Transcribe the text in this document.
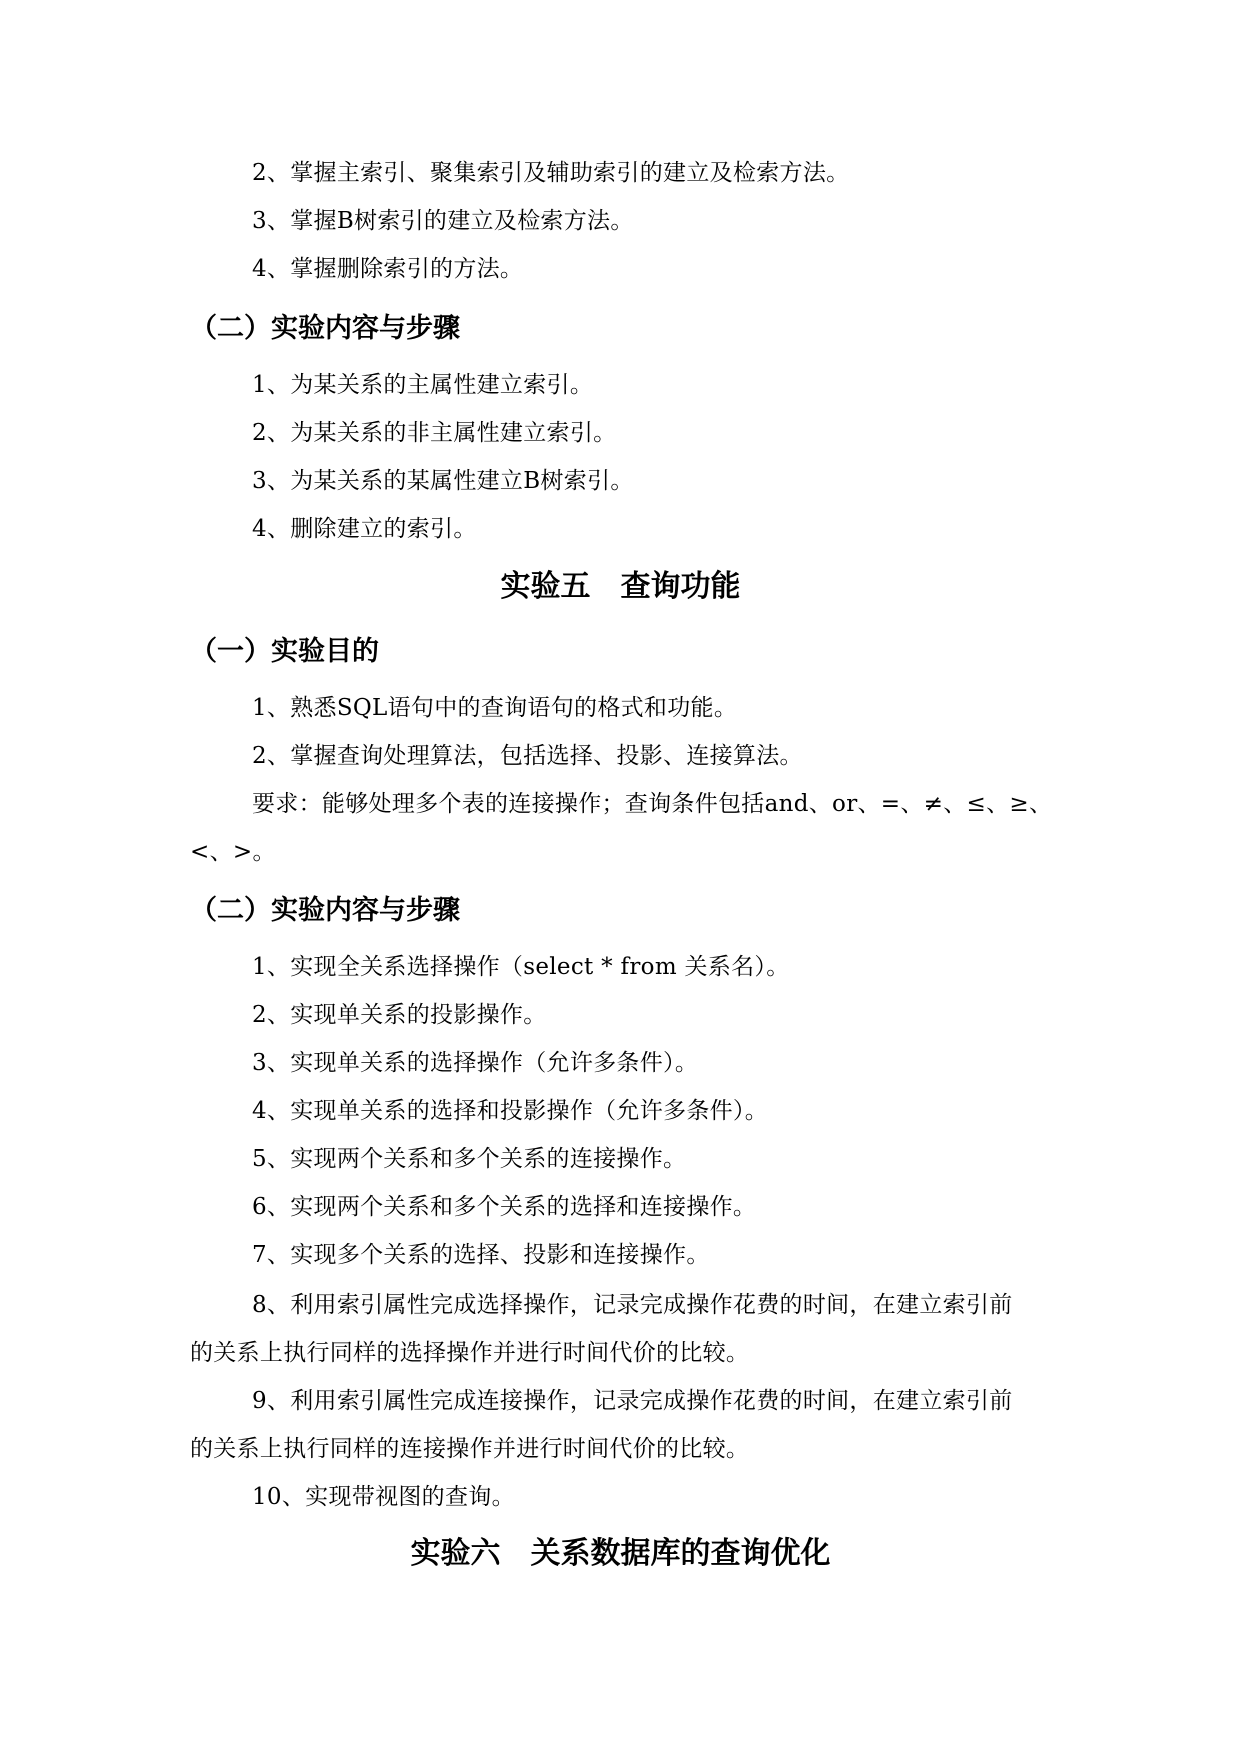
2、掌握主索引、聚集索引及辅助索引的建立及检索方法。
3、掌握B树索引的建立及检索方法。
4、掌握删除索引的方法。
（二）实验内容与步骤
1、为某关系的主属性建立索引。
2、为某关系的非主属性建立索引。
3、为某关系的某属性建立B树索引。
4、删除建立的索引。
实验五　查询功能
（一）实验目的
1、熟悉SQL语句中的查询语句的格式和功能。
2、掌握查询处理算法，包括选择、投影、连接算法。
要求：能够处理多个表的连接操作；查询条件包括and、or、=、≠、≤、≥、
<、>。
（二）实验内容与步骤
1、实现全关系选择操作（select * from 关系名）。
2、实现单关系的投影操作。
3、实现单关系的选择操作（允许多条件）。
4、实现单关系的选择和投影操作（允许多条件）。
5、实现两个关系和多个关系的连接操作。
6、实现两个关系和多个关系的选择和连接操作。
7、实现多个关系的选择、投影和连接操作。
8、利用索引属性完成选择操作，记录完成操作花费的时间，在建立索引前
的关系上执行同样的选择操作并进行时间代价的比较。
9、利用索引属性完成连接操作，记录完成操作花费的时间，在建立索引前
的关系上执行同样的连接操作并进行时间代价的比较。
10、实现带视图的查询。
实验六　关系数据库的查询优化
